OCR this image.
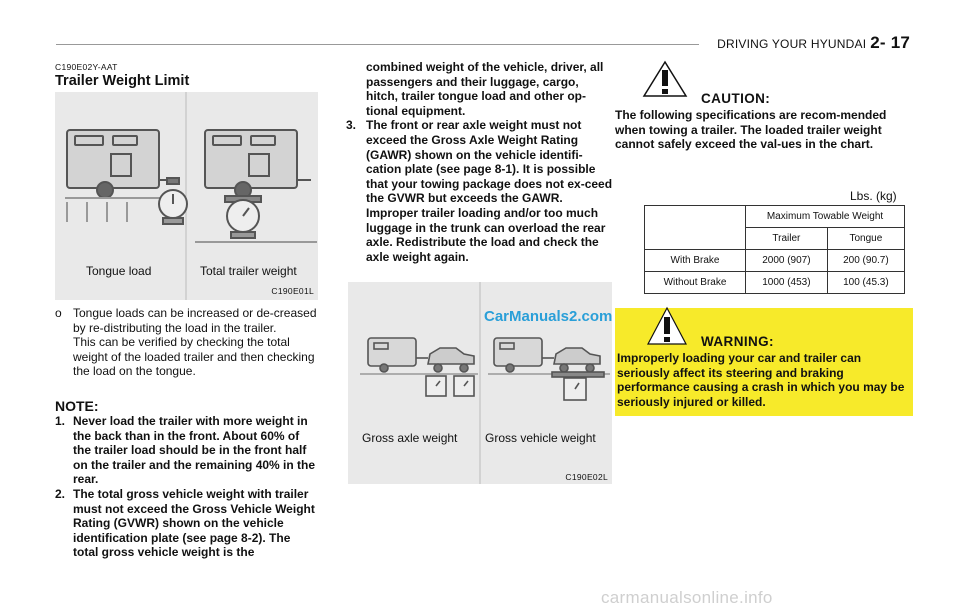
DRIVING YOUR HYUNDAI 2- 17
C190E02Y-AAT
Trailer Weight Limit
Tongue load	Total trailer weight
C190E01L
o Tongue loads can be increased or de-creased by re-distributing the load in the trailer.
This can be verified by checking the total weight of the loaded trailer and then checking the load on the tongue.
NOTE:
1. Never load the trailer with more weight in the back than in the front. About 60% of the trailer load should be in the front half on the trailer and the remaining 40% in the rear.
2. The total gross vehicle weight with trailer must not exceed the Gross Vehicle Weight Rating (GVWR) shown on the vehicle identification plate (see page 8-2). The total gross vehicle weight is the
combined weight of the vehicle, driver, all passengers and their luggage, cargo, hitch, trailer tongue load and other op-tional equipment.
3. The front or rear axle weight must not exceed the Gross Axle Weight Rating (GAWR) shown on the vehicle identifi-cation plate (see page 8-1). It is possible that your towing package does not ex-ceed the GVWR but exceeds the GAWR. Improper trailer loading and/or too much luggage in the trunk can overload the rear axle. Redistribute the load and check the axle weight again.
CarManuals2.com
Gross axle weight Gross vehicle weight
C190E02L
CAUTION:
The following specifications are recom-mended when towing a trailer. The loaded trailer weight cannot safely exceed the val-ues in the chart.
Lbs. (kg)
	Maximum Towable Weight	
	Trailer	Tongue
With Brake	2000 (907)	200 (90.7)
Without Brake	1000 (453)	100 (45.3)
WARNING:
Improperly loading your car and trailer can seriously affect its steering and braking performance causing a crash in which you may be seriously injured or killed.
carmanualsonline.info
